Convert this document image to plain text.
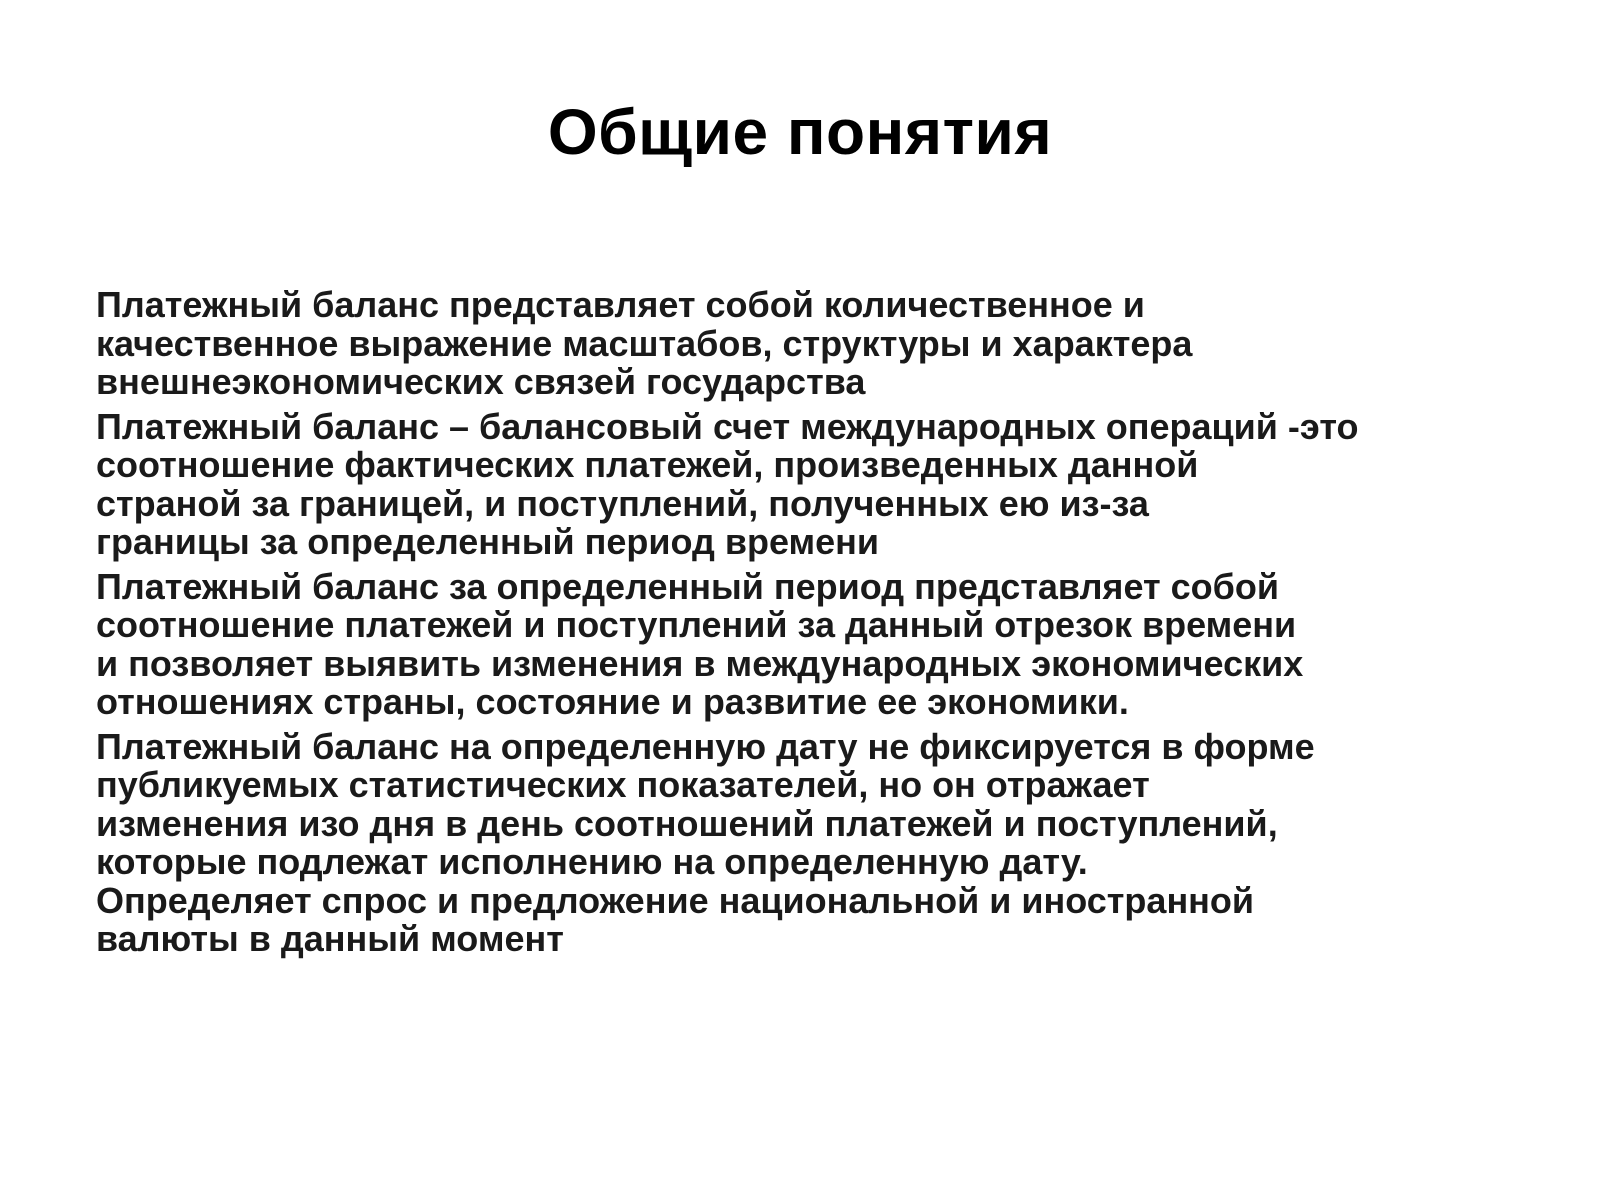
Общие понятия
Платежный баланс представляет собой количественное и
качественное выражение масштабов, структуры и характера
внешнеэкономических связей государства
Платежный баланс – балансовый счет международных операций -это
соотношение фактических платежей, произведенных данной
страной за границей, и поступлений, полученных ею из-за
границы за определенный период времени
Платежный баланс за определенный период представляет собой
соотношение платежей и поступлений за данный отрезок времени
и позволяет выявить изменения в международных экономических
отношениях страны, состояние и развитие ее экономики.
Платежный баланс на определенную дату не фиксируется в форме
публикуемых статистических показателей, но он отражает
изменения изо дня в день соотношений платежей и поступлений,
которые подлежат исполнению на определенную дату.
Определяет спрос и предложение национальной и иностранной
валюты в данный момент
